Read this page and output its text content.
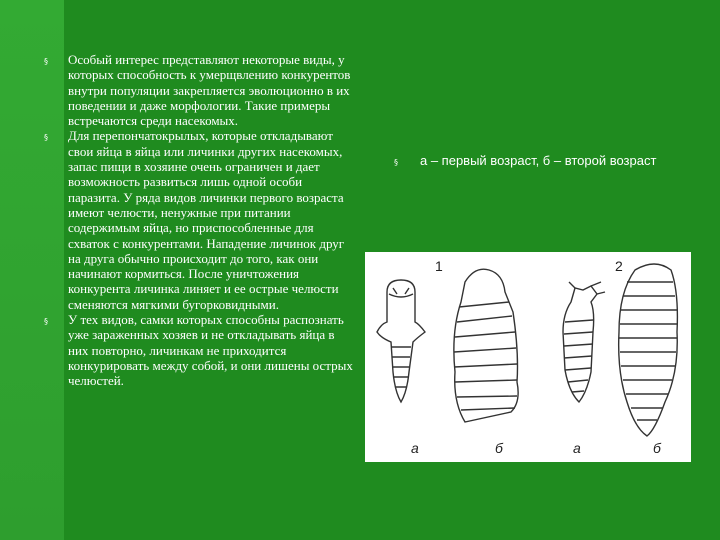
§ Особый интерес представляют некоторые виды, у которых способность к умерщвлению конкурентов внутри популяции закрепляется эволюционно в их поведении и даже морфологии. Такие примеры встречаются среди насекомых.

§ Для перепончатокрылых, которые откладывают свои яйца в яйца или личинки других насекомых, запас пищи в хозяине очень ограничен и дает возможность развиться лишь одной особи паразита. У ряда видов личинки первого возраста имеют челюсти, ненужные при питании содержимым яйца, но приспособленные для схваток с конкурентами. Нападение личинок друг на друга обычно происходит до того, как они начинают кормиться. После уничтожения конкурента личинка линяет и ее острые челюсти сменяются мягкими бугорковидными.

§ У тех видов, самки которых способны распознать уже зараженных хозяев и не откладывать яйца в них повторно, личинкам не приходится конкурировать между собой, и они лишены острых челюстей.

§ а – первый возраст, б – второй возраст
1	2
а	б	а	б
